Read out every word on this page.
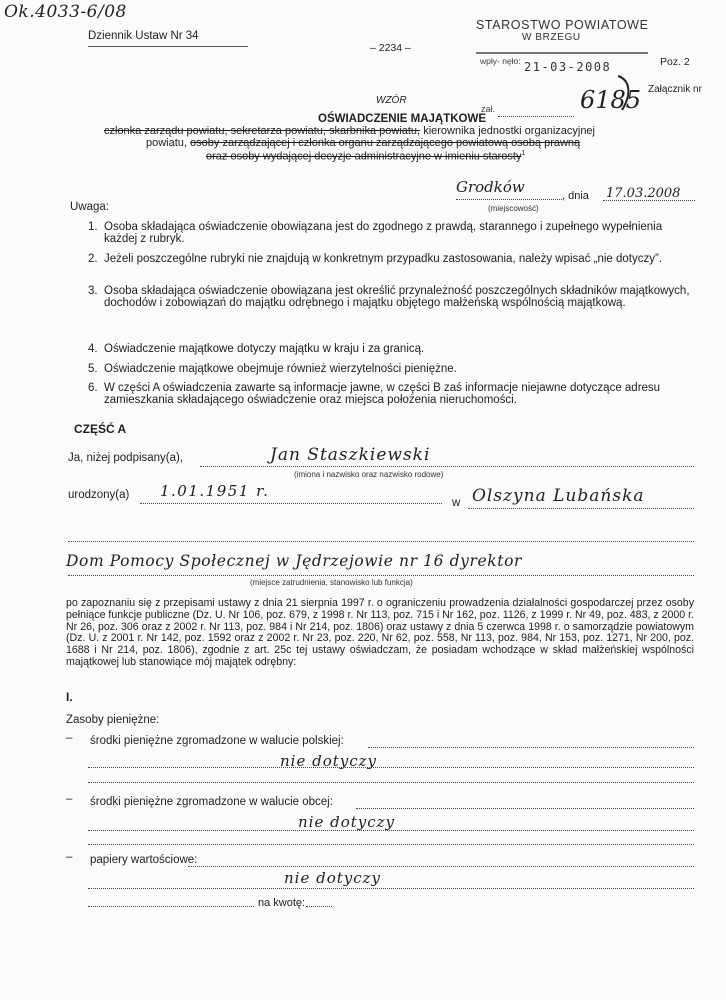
Ok.4033-6/08
Dziennik Ustaw Nr 34
– 2234 –
Poz. 2
Załącznik nr
STAROSTWO POWIATOWE
W BRZEGU
wpły- nęło: 21-03-2008
zał.	6185
WZÓR
OŚWIADCZENIE MAJĄTKOWE
członka zarządu powiatu, sekretarza powiatu, skarbnika powiatu, kierownika jednostki organizacyjnej
powiatu, osoby zarządzającej i członka organu zarządzającego powiatową osobą prawną
oraz osoby wydającej decyzje administracyjne w imieniu starosty$^1$
Grodków
(miejscowość)
, dnia 17.03.2008
Uwaga:
1. Osoba składająca oświadczenie obowiązana jest do zgodnego z prawdą, starannego i zupełnego wypełnienia każdej z rubryk.
2. Jeżeli poszczególne rubryki nie znajdują w konkretnym przypadku zastosowania, należy wpisać „nie dotyczy”.
3. Osoba składająca oświadczenie obowiązana jest określić przynależność poszczególnych składników majątkowych, dochodów i zobowiązań do majątku odrębnego i majątku objętego małżeńską wspólnością majątkową.
4. Oświadczenie majątkowe dotyczy majątku w kraju i za granicą.
5. Oświadczenie majątkowe obejmuje również wierzytelności pieniężne.
6. W części A oświadczenia zawarte są informacje jawne, w części B zaś informacje niejawne dotyczące adresu zamieszkania składającego oświadczenie oraz miejsca położenia nieruchomości.
CZĘŚĆ A
Ja, niżej podpisany(a),	Jan Staszkiewski
(imiona i nazwisko oraz nazwisko rodowe)
urodzony(a) 1.01.1951 r.
w Olszyna Lubańska
Dom Pomocy Społecznej w Jędrzejowie nr 16 dyrektor
(miejsce zatrudnienia, stanowisko lub funkcja)
po zapoznaniu się z przepisami ustawy z dnia 21 sierpnia 1997 r. o ograniczeniu prowadzenia działalności gospodarczej przez osoby pełniące funkcje publiczne (Dz. U. Nr 106, poz. 679, z 1998 r. Nr 113, poz. 715 i Nr 162, poz. 1126, z 1999 r. Nr 49, poz. 483, z 2000 r. Nr 26, poz. 306 oraz z 2002 r. Nr 113, poz. 984 i Nr 214, poz. 1806) oraz ustawy z dnia 5 czerwca 1998 r. o samorządzie powiatowym (Dz. U. z 2001 r. Nr 142, poz. 1592 oraz z 2002 r. Nr 23, poz. 220, Nr 62, poz. 558, Nr 113, poz. 984, Nr 153, poz. 1271, Nr 200, poz. 1688 i Nr 214, poz. 1806), zgodnie z art. 25c tej ustawy oświadczam, że posiadam wchodzące w skład małżeńskiej wspólności majątkowej lub stanowiące mój majątek odrębny:
I.
Zasoby pieniężne:
– środki pieniężne zgromadzone w walucie polskiej:
nie dotyczy
– środki pieniężne zgromadzone w walucie obcej:
nie dotyczy
– papiery wartościowe:
nie dotyczy
na kwotę:
